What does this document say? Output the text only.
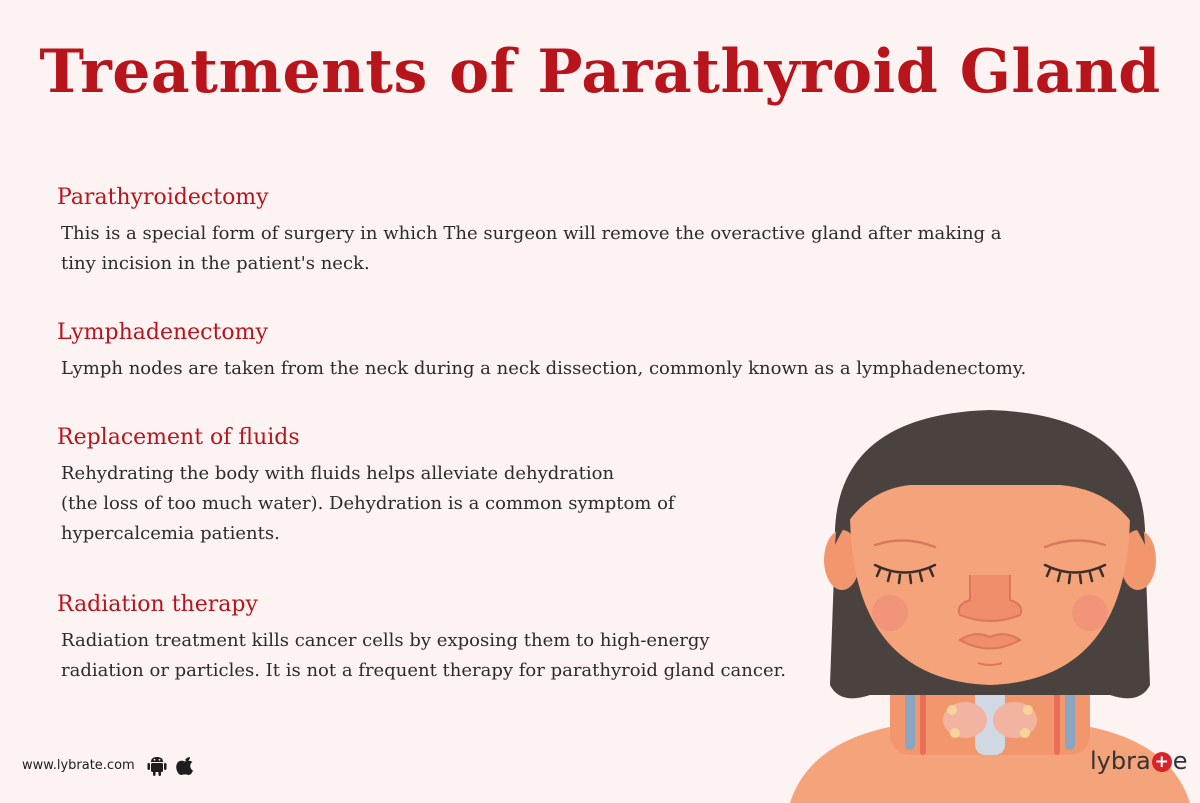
Treatments of Parathyroid Gland
Parathyroidectomy

This is a special form of surgery in which The surgeon will remove the overactive gland after making a
tiny incision in the patient's neck.

Lymphadenectomy

Lymph nodes are taken from the neck during a neck dissection, commonly known as a lymphadenectomy.

Replacement of fluids

Rehydrating the body with fluids helps alleviate dehydration
(the loss of too much water). Dehydration is a common symptom of
hypercalcemia patients.

Radiation therapy

Radiation treatment kills cancer cells by exposing them to high-energy
radiation or particles. It is not a frequent therapy for parathyroid gland cancer.

www.lybrate.com	lybra + e
